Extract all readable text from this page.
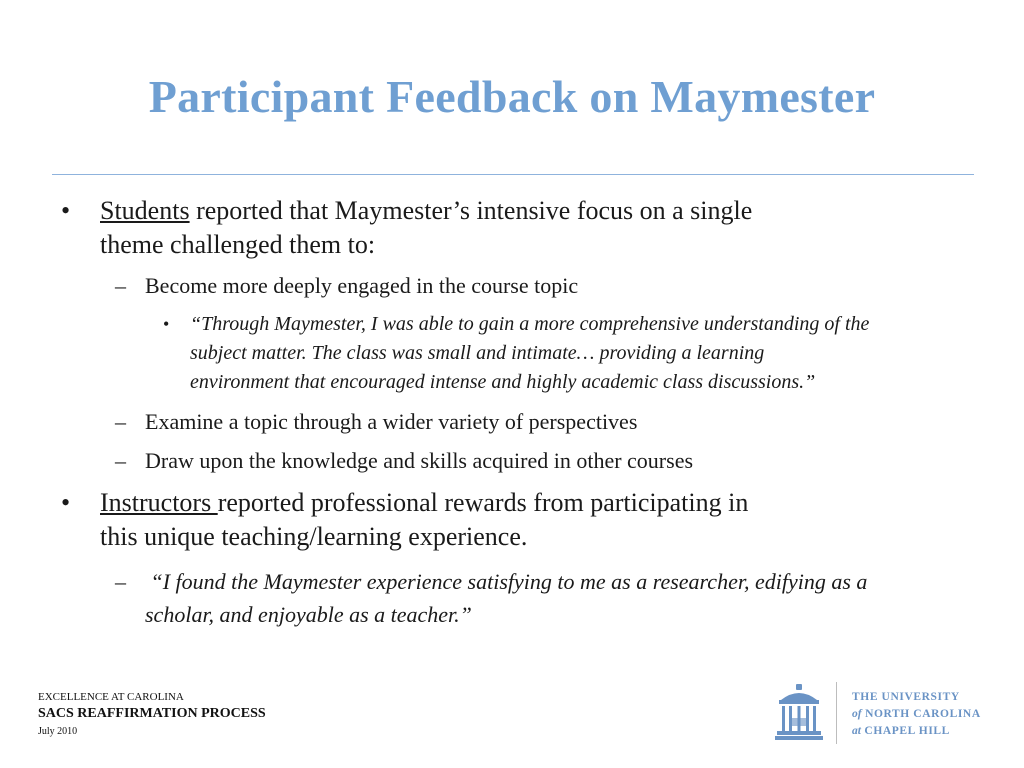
Participant Feedback on Maymester
• Students reported that Maymester’s intensive focus on a single
theme challenged them to:
– Become more deeply engaged in the course topic
• “Through Maymester, I was able to gain a more comprehensive understanding of the
subject matter. The class was small and intimate… providing a learning
environment that encouraged intense and highly academic class discussions.”
– Examine a topic through a wider variety of perspectives
– Draw upon the knowledge and skills acquired in other courses
• Instructors reported professional rewards from participating in
this unique teaching/learning experience.
– “I found the Maymester experience satisfying to me as a researcher, edifying as a
scholar, and enjoyable as a teacher.”
EXCELLENCE AT CAROLINA
SACS REAFFIRMATION PROCESS
July 2010
THE UNIVERSITY
of NORTH CAROLINA
at CHAPEL HILL
